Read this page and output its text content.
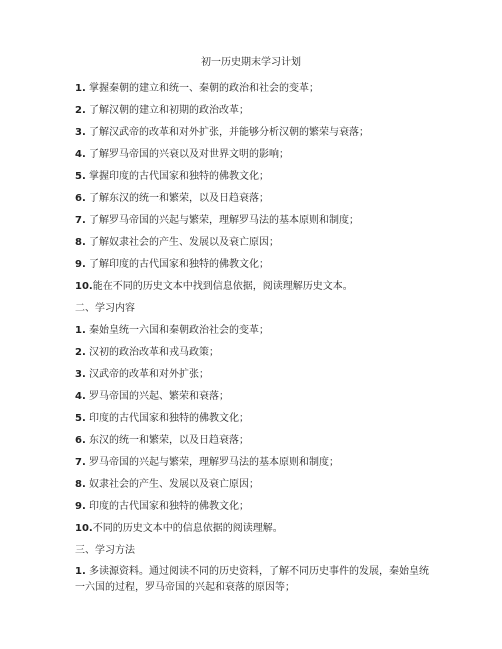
初一历史期末学习计划
1. 掌握秦朝的建立和统一、秦朝的政治和社会的变革；
2. 了解汉朝的建立和初期的政治改革；
3. 了解汉武帝的改革和对外扩张，并能够分析汉朝的繁荣与衰落；
4. 了解罗马帝国的兴衰以及对世界文明的影响；
5. 掌握印度的古代国家和独特的佛教文化；
6. 了解东汉的统一和繁荣，以及日趋衰落；
7. 了解罗马帝国的兴起与繁荣，理解罗马法的基本原则和制度；
8. 了解奴隶社会的产生、发展以及衰亡原因；
9. 了解印度的古代国家和独特的佛教文化；
10.能在不同的历史文本中找到信息依据，阅读理解历史文本。
二、学习内容
1. 秦始皇统一六国和秦朝政治社会的变革；
2. 汉初的政治改革和戎马政策；
3. 汉武帝的改革和对外扩张；
4. 罗马帝国的兴起、繁荣和衰落；
5. 印度的古代国家和独特的佛教文化；
6. 东汉的统一和繁荣，以及日趋衰落；
7. 罗马帝国的兴起与繁荣，理解罗马法的基本原则和制度；
8. 奴隶社会的产生、发展以及衰亡原因；
9. 印度的古代国家和独特的佛教文化；
10.不同的历史文本中的信息依据的阅读理解。
三、学习方法
1. 多读源资料。通过阅读不同的历史资料，了解不同历史事件的发展，秦始皇统一六国的过程，罗马帝国的兴起和衰落的原因等；
